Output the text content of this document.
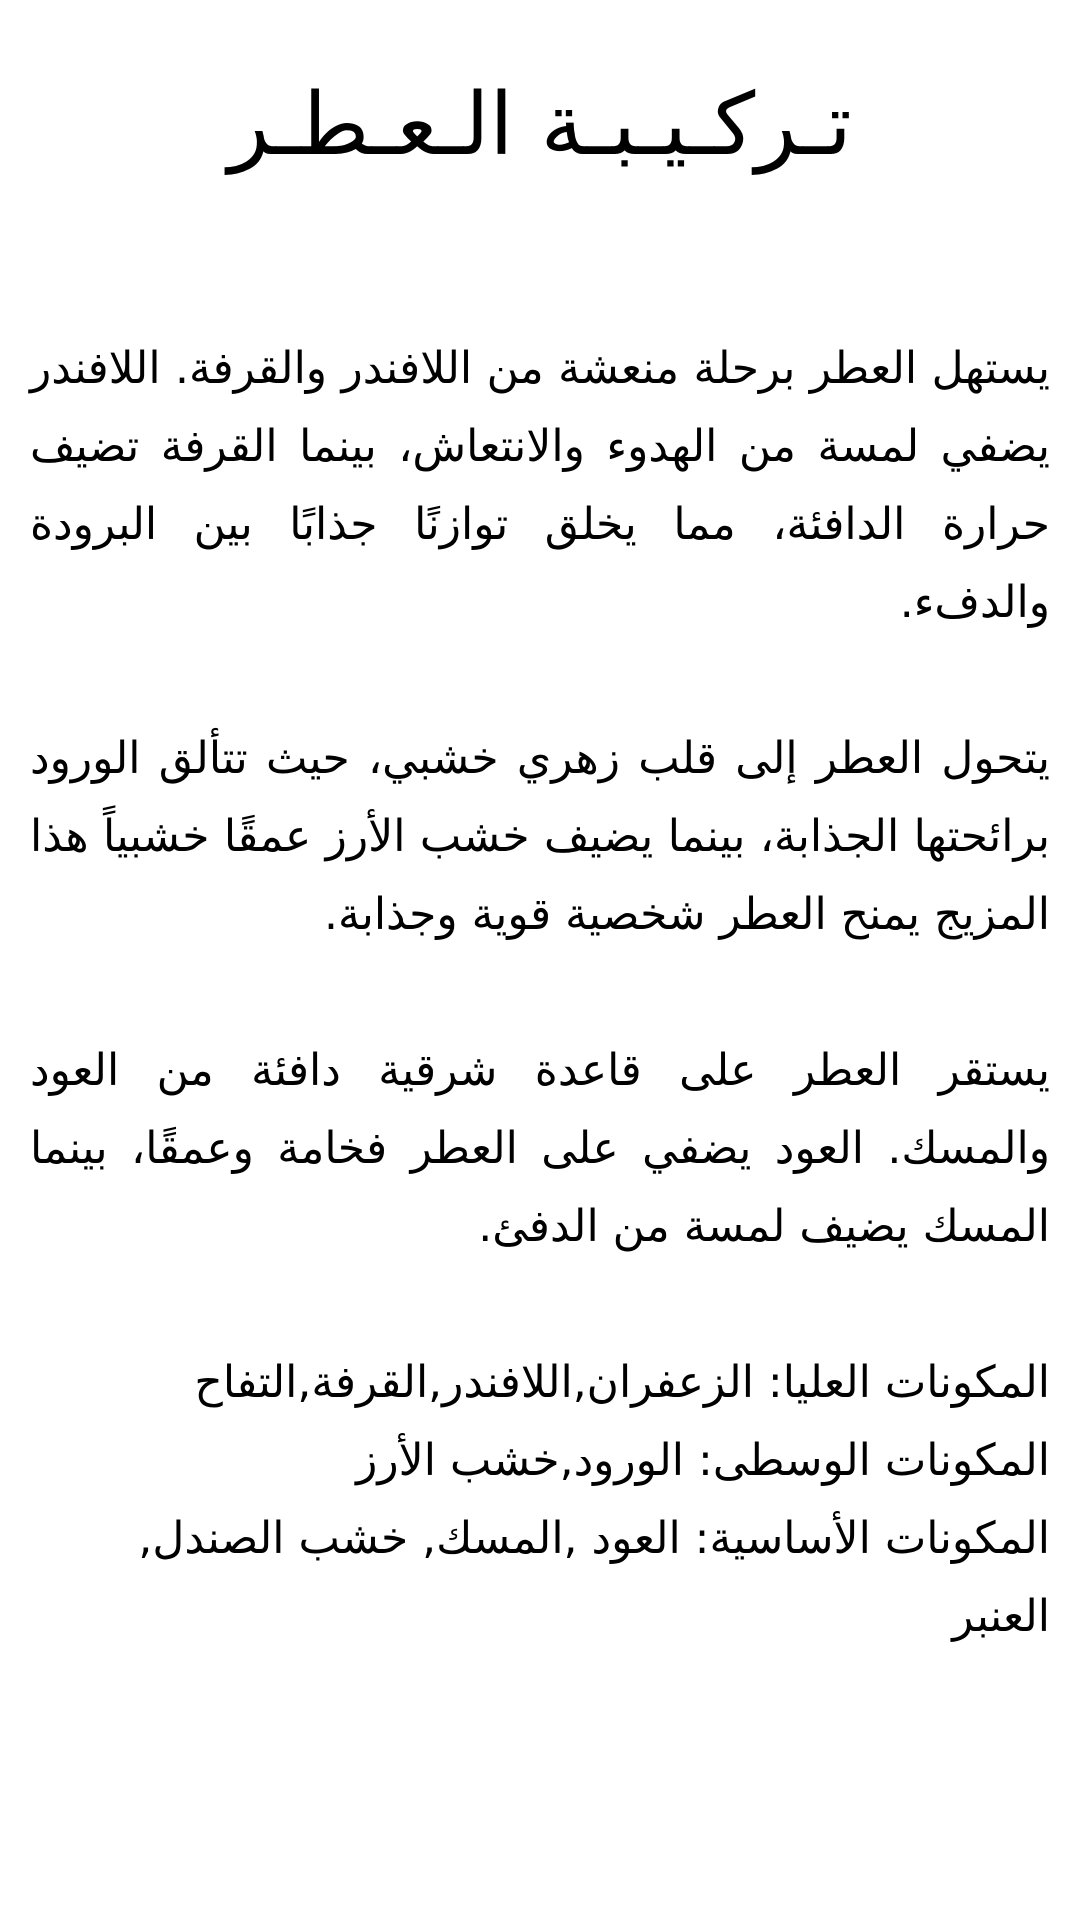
تـركـيـبـة الـعـطـر

يستهل العطر برحلة منعشة من اللافندر والقرفة. اللافندر يضفي لمسة من الهدوء والانتعاش، بينما القرفة تضيف حرارة الدافئة، مما يخلق توازنًا جذابًا بين البرودة والدفء.

يتحول العطر إلى قلب زهري خشبي، حيث تتألق الورود برائحتها الجذابة، بينما يضيف خشب الأرز عمقًا خشبياً هذا المزيج يمنح العطر شخصية قوية وجذابة.

يستقر العطر على قاعدة شرقية دافئة من العود والمسك. العود يضفي على العطر فخامة وعمقًا، بينما المسك يضيف لمسة من الدفئ.

المكونات العليا: الزعفران,اللافندر,القرفة,التفاح
المكونات الوسطى: الورود,خشب الأرز
المكونات الأساسية: العود ,المسك, خشب الصندل, العنبر
